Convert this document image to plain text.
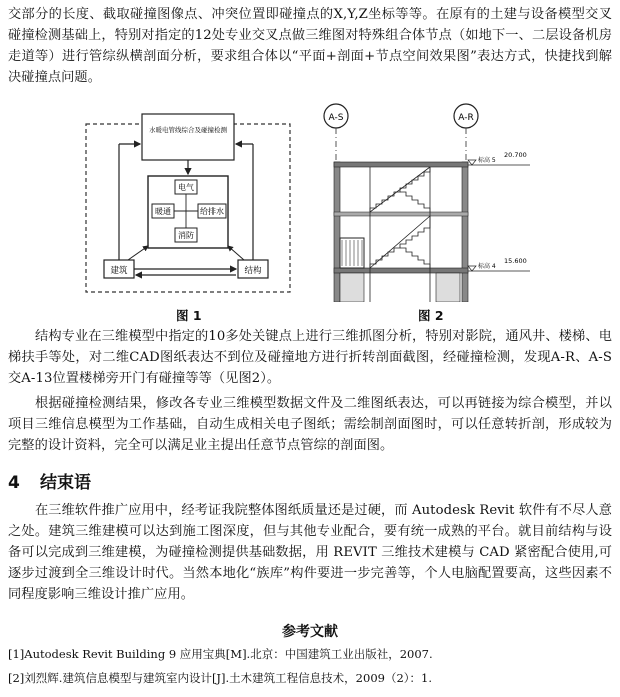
交部分的长度、截取碰撞图像点、冲突位置即碰撞点的X,Y,Z坐标等等。在原有的土建与设备模型交叉碰撞检测基础上，特别对指定的12处专业交叉点做三维图对特殊组合体节点（如地下一、二层设备机房走道等）进行管综纵横剖面分析，要求组合体以“平面+剖面+节点空间效果图”表达方式，快捷找到解决碰撞点问题。

水暖电管线综合及碰撞检测
电气
暖通	给排水
消防
建筑	结构

图 1

A-S	A-R
标高 5
20.700
标高 4
15.600

图 2

结构专业在三维模型中指定的10多处关键点上进行三维抓图分析，特别对影院，通风井、楼梯、电梯扶手等处，对二维CAD图纸表达不到位及碰撞地方进行折转剖面截图，经碰撞检测，发现A-R、A-S交A-13位置楼梯旁开门有碰撞等等（见图2）。

根据碰撞检测结果，修改各专业三维模型数据文件及二维图纸表达，可以再链接为综合模型，并以项目三维信息模型为工作基础，自动生成相关电子图纸；需绘制剖面图时，可以任意转折剖，形成较为完整的设计资料，完全可以满足业主提出任意节点管综的剖面图。

4 结束语

在三维软件推广应用中，经考证我院整体图纸质量还是过硬，而 Autodesk Revit 软件有不尽人意之处。建筑三维建模可以达到施工图深度，但与其他专业配合，要有统一成熟的平台。就目前结构与设备可以完成到三维建模，为碰撞检测提供基础数据，用 REVIT 三维技术建模与 CAD 紧密配合使用,可逐步过渡到全三维设计时代。当然本地化“族库”构件要进一步完善等，个人电脑配置要高，这些因素不同程度影响三维设计推广应用。

参考文献

[1]Autodesk Revit Building 9 应用宝典[M].北京：中国建筑工业出版社，2007.

[2]刘烈辉.建筑信息模型与建筑室内设计[J].土木建筑工程信息技术，2009（2）：1.
